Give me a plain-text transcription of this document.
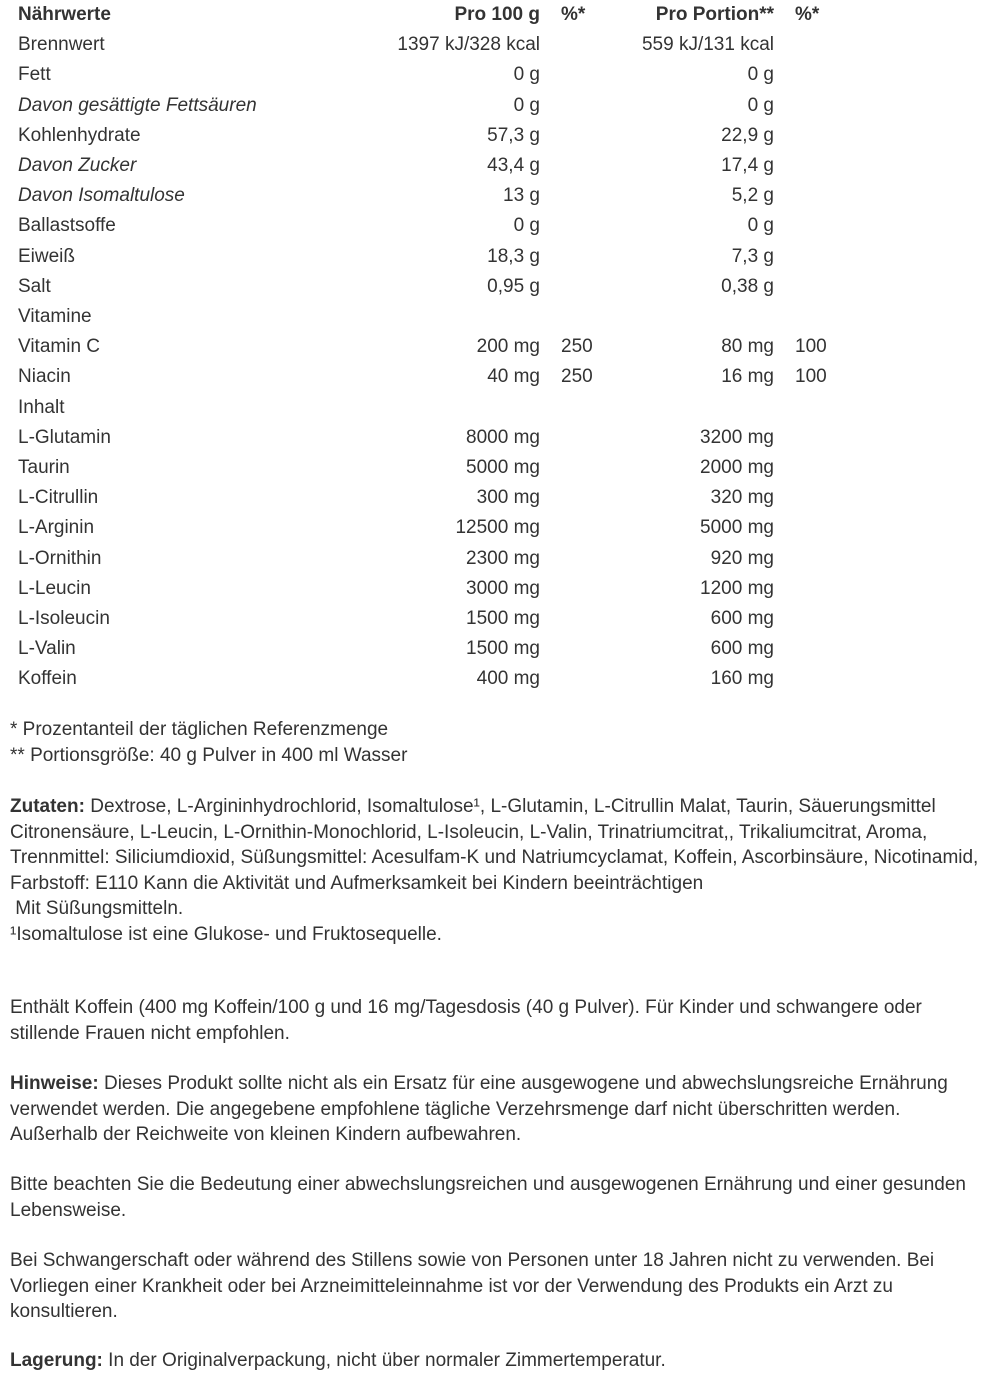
Nährwerte	Pro 100 g	%*	Pro Portion**	%*
Brennwert	1397 kJ/328 kcal		559 kJ/131 kcal	
Fett	0 g		0 g	
Davon gesättigte Fettsäuren	0 g		0 g	
Kohlenhydrate	57,3 g		22,9 g	
Davon Zucker	43,4 g		17,4 g	
Davon Isomaltulose	13 g		5,2 g	
Ballastsoffe	0 g		0 g	
Eiweiß	18,3 g		7,3 g	
Salt	0,95 g		0,38 g	
Vitamine				
Vitamin C	200 mg	250	80 mg	100
Niacin	40 mg	250	16 mg	100
Inhalt				
L-Glutamin	8000 mg		3200 mg	
Taurin	5000 mg		2000 mg	
L-Citrullin	300 mg		320 mg	
L-Arginin	12500 mg		5000 mg	
L-Ornithin	2300 mg		920 mg	
L-Leucin	3000 mg		1200 mg	
L-Isoleucin	1500 mg		600 mg	
L-Valin	1500 mg		600 mg	
Koffein	400 mg		160 mg	

* Prozentanteil der täglichen Referenzmenge

** Portionsgröße: 40 g Pulver in 400 ml Wasser

Zutaten: Dextrose, L-Argininhydrochlorid, Isomaltulose¹, L-Glutamin, L-Citrullin Malat, Taurin, Säuerungsmittel Citronensäure, L-Leucin, L-Ornithin-Monochlorid, L-Isoleucin, L-Valin, Trinatriumcitrat,, Trikaliumcitrat, Aroma, Trennmittel: Siliciumdioxid, Süßungsmittel: Acesulfam-K und Natriumcyclamat, Koffein, Ascorbinsäure, Nicotinamid, Farbstoff: E110 Kann die Aktivität und Aufmerksamkeit bei Kindern beeinträchtigen
Mit Süßungsmitteln.
¹Isomaltulose ist eine Glukose- und Fruktosequelle.

Enthält Koffein (400 mg Koffein/100 g und 16 mg/Tagesdosis (40 g Pulver). Für Kinder und schwangere oder stillende Frauen nicht empfohlen.

Hinweise: Dieses Produkt sollte nicht als ein Ersatz für eine ausgewogene und abwechslungsreiche Ernährung verwendet werden. Die angegebene empfohlene tägliche Verzehrsmenge darf nicht überschritten werden. Außerhalb der Reichweite von kleinen Kindern aufbewahren.

Bitte beachten Sie die Bedeutung einer abwechslungsreichen und ausgewogenen Ernährung und einer gesunden Lebensweise.

Bei Schwangerschaft oder während des Stillens sowie von Personen unter 18 Jahren nicht zu verwenden. Bei Vorliegen einer Krankheit oder bei Arzneimitteleinnahme ist vor der Verwendung des Produkts ein Arzt zu konsultieren.

Lagerung: In der Originalverpackung, nicht über normaler Zimmertemperatur.
